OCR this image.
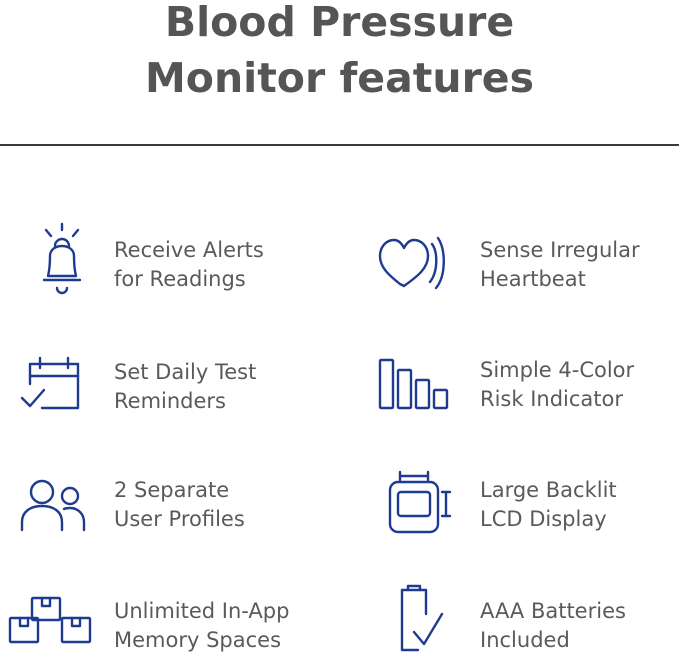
Blood Pressure
Monitor features
Receive Alerts
for Readings
Sense Irregular
Heartbeat
Set Daily Test
Reminders
Simple 4-Color
Risk Indicator
2 Separate
User Profiles
Large Backlit
LCD Display
Unlimited In-App
Memory Spaces
AAA Batteries
Included
